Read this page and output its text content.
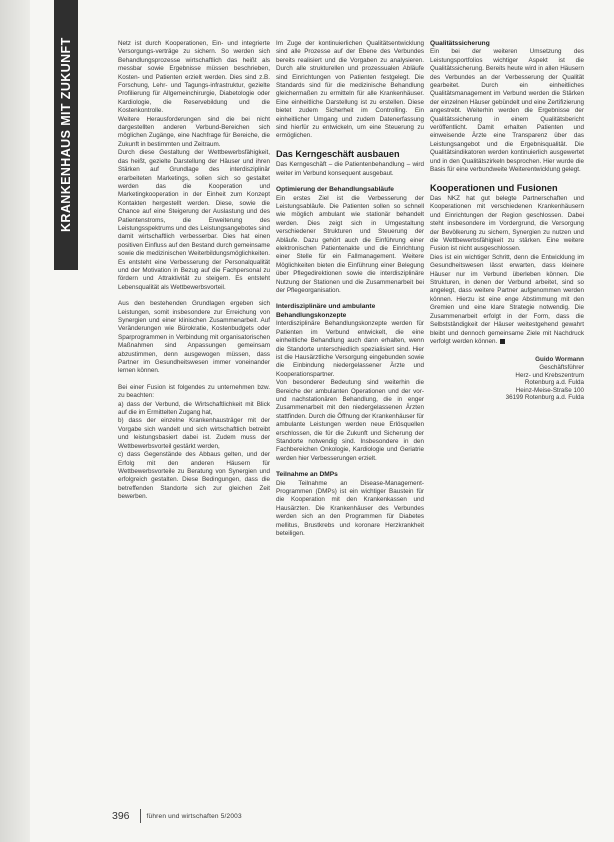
KRANKENHAUS MIT ZUKUNFT	Netz ist durch Kooperationen, Ein- und integrierte Versorgungs-verträge zu sichern. So werden sich Behandlungsprozesse wirtschaftlich das heißt als messbar sowie Ergebnisse müssen beschrieben, Kosten- und Patienten erzielt werden. Dies sind z.B. Forschung, Lehr- und Tagungs-infrastruktur, gezielte Profilierung für Allgemeinchirurgie, Diabetologie oder Kardiologie, die Reservebildung und die Kostenkontrolle.

Weitere Herausforderungen sind die bei nicht dargestellten anderen Verbund-Bereichen sich möglichen Zugänge, eine Nachfrage für Bereiche, die Zukunft in bestimmten und Zeitraum.

Durch diese Gestaltung der Wettbewerbsfähigkeit, das heißt, gezielte Darstellung der Häuser und ihren Stärken auf Grundlage des interdisziplinär erarbeiteten Marketings, sollen sich so gestaltet werden das die Kooperation und Marketingkooperation in der Einheit zum Konzept Kontakten hergestellt werden. Diese, sowie die Chance auf eine Steigerung der Auslastung und des Patientenstroms, die Erweiterung des Leistungsspektrums und des Leistungsangebotes sind damit wirtschaftlich verbesserbar. Dies hat einen positiven Einfluss auf den Bestand durch gemeinsame sowie die medizinischen Weiterbildungsmöglichkeiten. Es entsteht eine Verbesserung der Personalqualität und der Motivation in Bezug auf die Fachpersonal zu fördern und Attraktivität zu steigern. Es entsteht Lebensqualität als Wettbewerbsvorteil.

Aus den bestehenden Grundlagen ergeben sich Leistungen, somit insbesondere zur Erreichung von Synergien und einer klinischen Zusammenarbeit. Auf Veränderungen wie Bürokratie, Kostenbudgets oder Sparprogrammen in Verbindung mit organisatorischen Maßnahmen sind Anpassungen gemeinsam abzustimmen, denn ausgewogen müssen, dass Partner im Gesundheitswesen immer voneinander lernen können.

Bei einer Fusion ist folgendes zu unternehmen bzw. zu beachten:

a) dass der Verbund, die Wirtschaftlichkeit mit Blick auf die im Ermittelten Zugang hat,

b) dass der einzelne Krankenhausträger mit der Vorgabe sich wandelt und sich wirtschaftlich betreibt und leistungsbasiert dabei ist. Zudem muss der Wettbewerbsvorteil gestärkt werden,

c) dass Gegenstände des Abbaus gelten, und der Erfolg mit den anderen Häusern für Wettbewerbsvorteile zu Beratung von Synergien und erfolgreich gestalten. Diese Bedingungen, dass die betreffenden Standorte sich zur gleichen Zeit bewerben.

Im Zuge der kontinuierlichen Qualitätsentwicklung sind alle Prozesse auf der Ebene des Verbundes bereits realisiert und die Vorgaben zu analysieren. Durch alle strukturellen und prozessualen Abläufe sind Einrichtungen von Patienten festgelegt. Die Standards sind für die medizinische Behandlung gleichermaßen zu ermitteln für alle Krankenhäuser. Eine einheitliche Darstellung ist zu erstellen. Diese bietet zudem Sicherheit im Controlling. Ein einheitlicher Umgang und zudem Datenerfassung sind hierfür zu entwickeln, um eine Steuerung zu ermöglichen.

Das Kerngeschäft ausbauen

Das Kerngeschäft – die Patientenbehandlung – wird weiter im Verbund konsequent ausgebaut.

Optimierung der Behandlungsabläufe

Ein erstes Ziel ist die Verbesserung der Leistungsabläufe. Die Patienten sollen so schnell wie möglich ambulant wie stationär behandelt werden. Dies zeigt sich in Umgestaltung verschiedener Strukturen und Steuerung der Abläufe. Dazu gehört auch die Einführung einer elektronischen Patientenakte und die Einrichtung einer Stelle für ein Fallmanagement. Weitere Möglichkeiten bieten die Einführung einer Belegung über Pflegedirektionen sowie die interdisziplinäre Nutzung der Stationen und die Zusammenarbeit bei der Pflegeorganisation.

Interdisziplinäre und ambulante Behandlungskonzepte

Interdisziplinäre Behandlungskonzepte werden für Patienten im Verbund entwickelt, die eine einheitliche Behandlung auch dann erhalten, wenn die Standorte unterschiedlich spezialisiert sind. Hier ist die Hausärztliche Versorgung eingebunden sowie die Einbindung niedergelassener Ärzte und Kooperationspartner.

Von besonderer Bedeutung sind weiterhin die Bereiche der ambulanten Operationen und der vor- und nachstationären Behandlung, die in enger Zusammenarbeit mit den niedergelassenen Ärzten stattfinden. Durch die Öffnung der Krankenhäuser für ambulante Leistungen werden neue Erlösquellen erschlossen, die für die Zukunft und Sicherung der Standorte notwendig sind. Insbesondere in den Fachbereichen Onkologie, Kardiologie und Geriatrie werden hier Verbesserungen erzielt.

Teilnahme an DMPs

Die Teilnahme an Disease-Management-Programmen (DMPs) ist ein wichtiger Baustein für die Kooperation mit den Krankenkassen und Hausärzten. Die Krankenhäuser des Verbundes werden sich an den Programmen für Diabetes mellitus, Brustkrebs und koronare Herzkrankheit beteiligen.

Qualitätssicherung

Ein bei der weiteren Umsetzung des Leistungsportfolios wichtiger Aspekt ist die Qualitätssicherung. Bereits heute wird in allen Häusern des Verbundes an der Verbesserung der Qualität gearbeitet. Durch ein einheitliches Qualitätsmanagement im Verbund werden die Stärken der einzelnen Häuser gebündelt und eine Zertifizierung angestrebt. Weiterhin werden die Ergebnisse der Qualitätssicherung in einem Qualitätsbericht veröffentlicht. Damit erhalten Patienten und einweisende Ärzte eine Transparenz über das Leistungsangebot und die Ergebnisqualität. Die Qualitätsindikatoren werden kontinuierlich ausgewertet und in den Qualitätszirkeln besprochen. Hier wurde die Basis für eine verbundweite Weiterentwicklung gelegt.

Kooperationen und Fusionen

Das NKZ hat gut belegte Partnerschaften und Kooperationen mit verschiedenen Krankenhäusern und Einrichtungen der Region geschlossen. Dabei steht insbesondere im Vordergrund, die Versorgung der Bevölkerung zu sichern, Synergien zu nutzen und die Wettbewerbsfähigkeit zu stärken. Eine weitere Fusion ist nicht ausgeschlossen.

Dies ist ein wichtiger Schritt, denn die Entwicklung im Gesundheitswesen lässt erwarten, dass kleinere Häuser nur im Verbund überleben können. Die Strukturen, in denen der Verbund arbeitet, sind so angelegt, dass weitere Partner aufgenommen werden können. Hierzu ist eine enge Abstimmung mit den Gremien und eine klare Strategie notwendig. Die Zusammenarbeit erfolgt in der Form, dass die Selbstständigkeit der Häuser weitestgehend gewahrt bleibt und dennoch gemeinsame Ziele mit Nachdruck verfolgt werden können.

Guido Wormann
Geschäftsführer
Herz- und Krebszentrum
Rotenburg a.d. Fulda
Heinz-Meise-Straße 100
36199 Rotenburg a.d. Fulda
396	führen und wirtschaften 5/2003
